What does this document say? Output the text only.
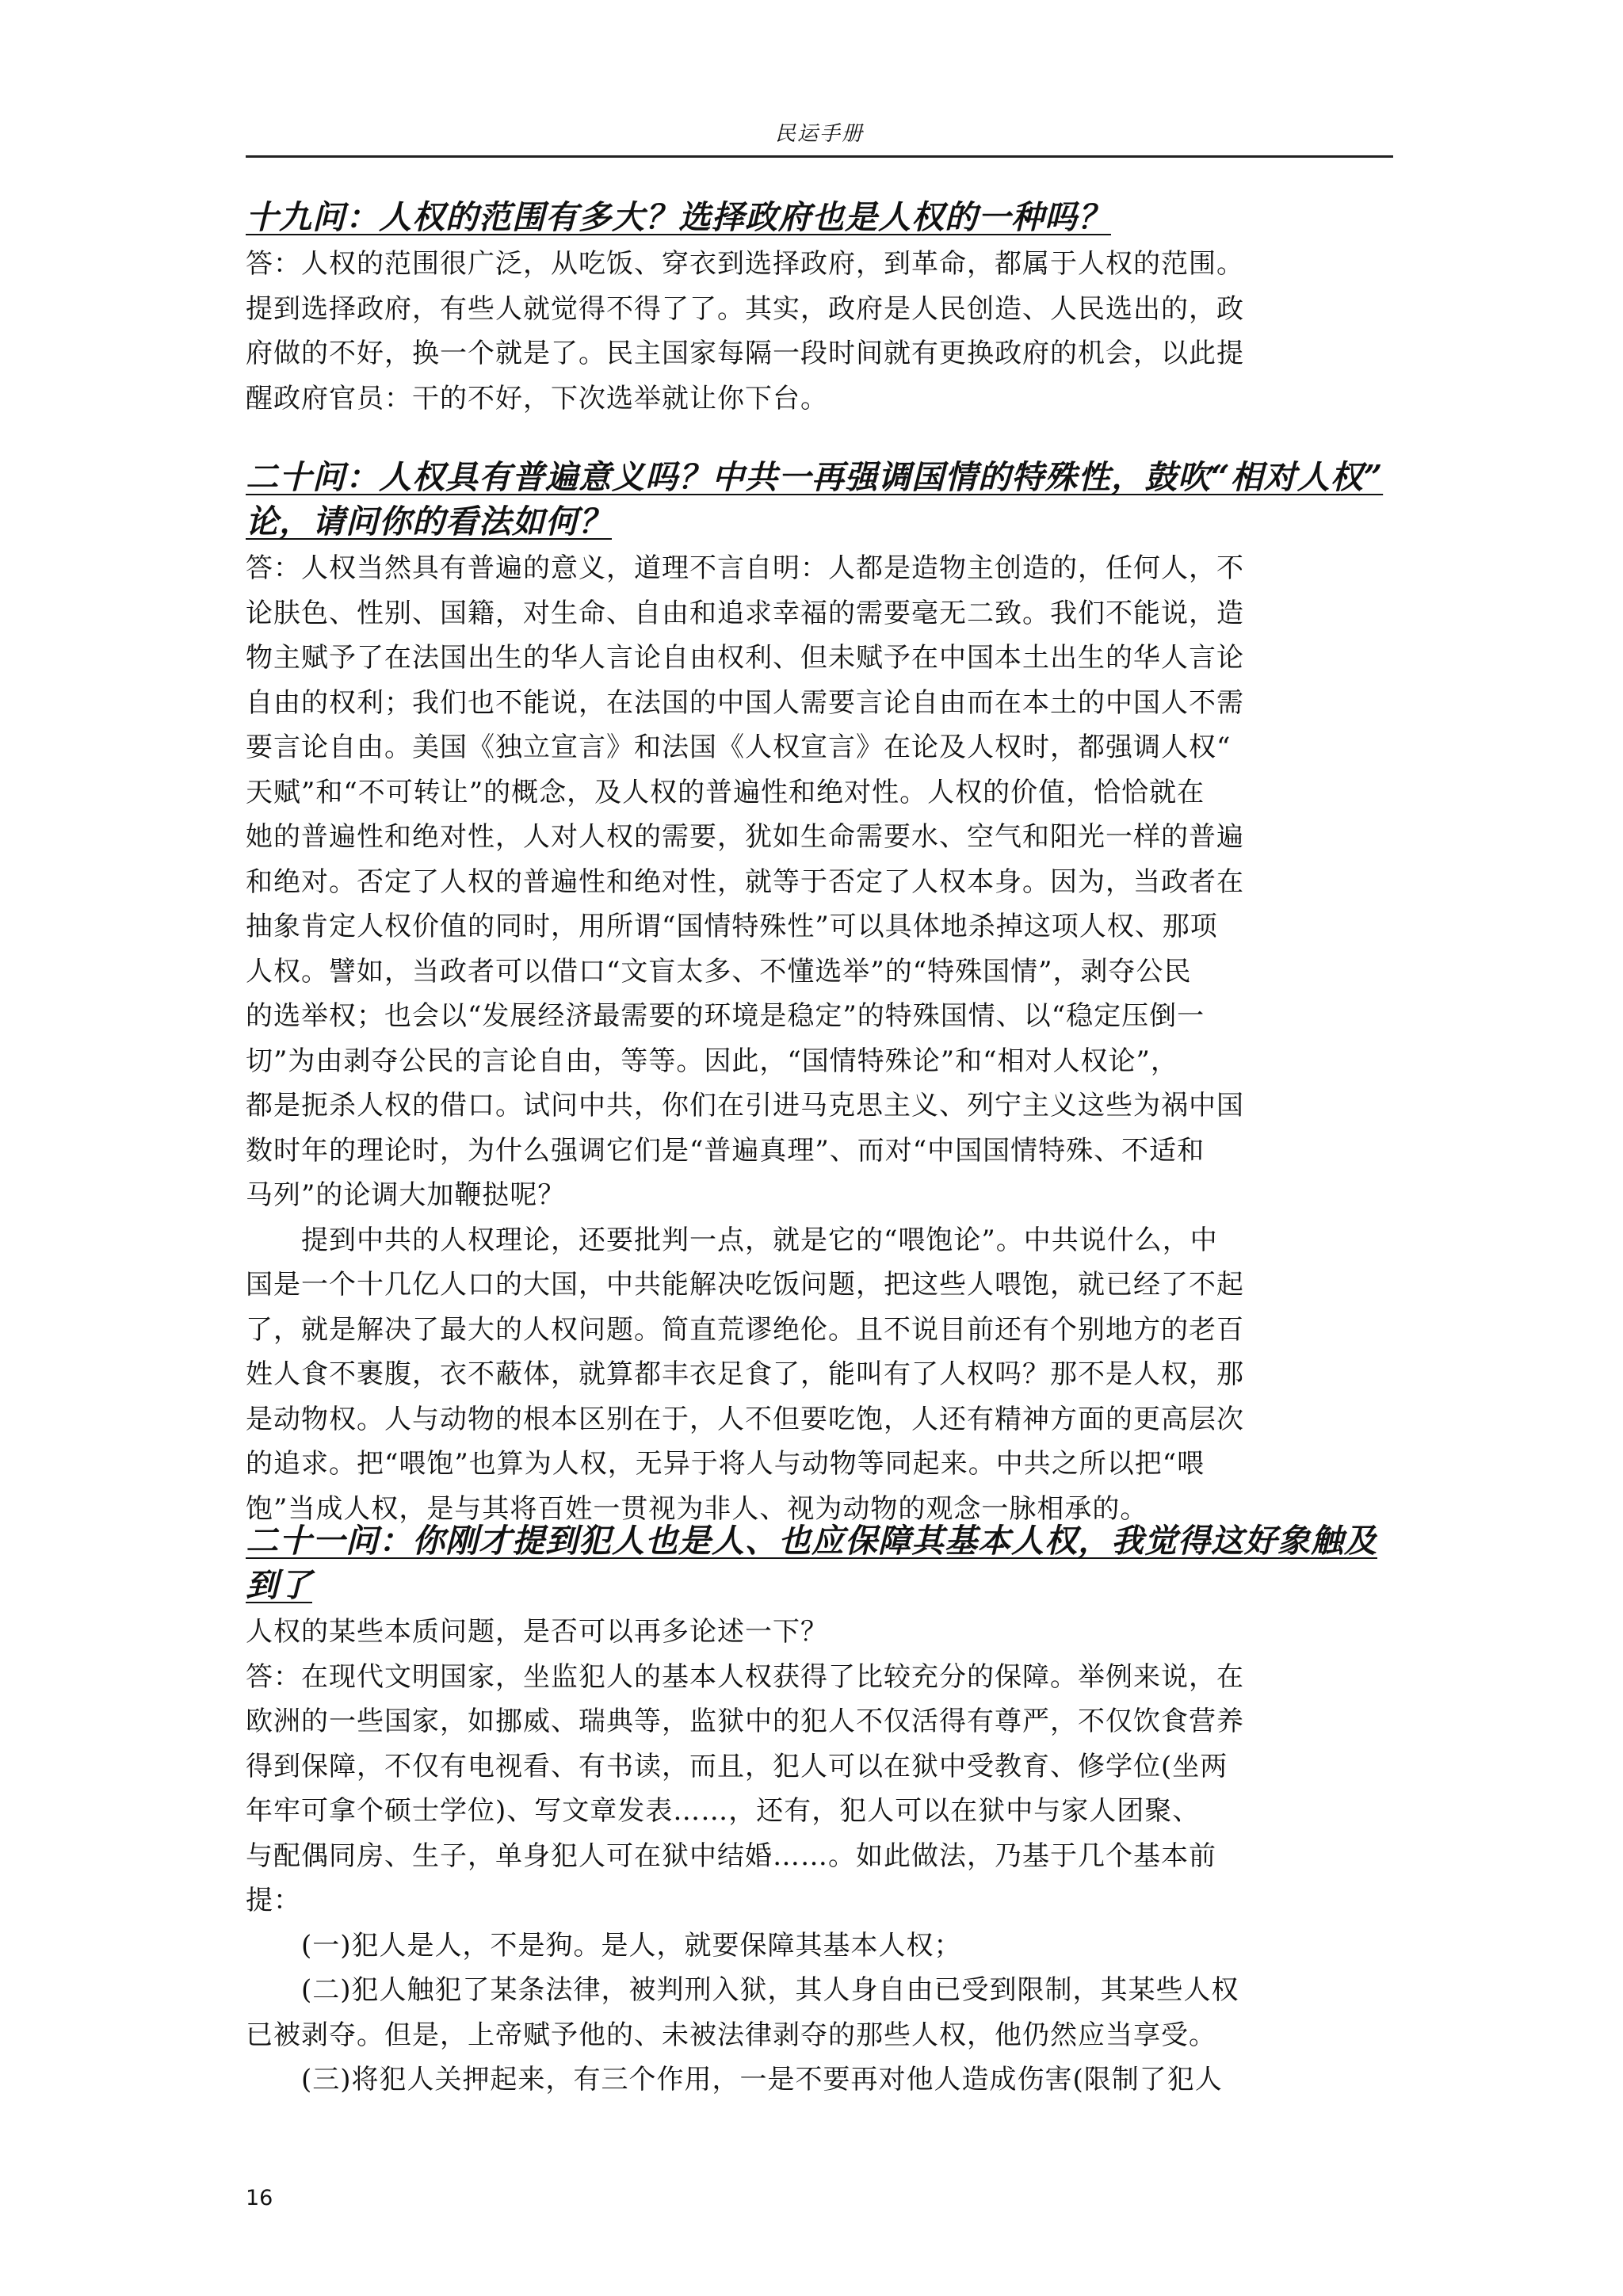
民运手册

十九问：人权的范围有多大？选择政府也是人权的一种吗？

答：人权的范围很广泛，从吃饭、穿衣到选择政府，到革命，都属于人权的范围。

提到选择政府，有些人就觉得不得了了。其实，政府是人民创造、人民选出的，政

府做的不好，换一个就是了。民主国家每隔一段时间就有更换政府的机会，以此提

醒政府官员：干的不好，下次选举就让你下台。

二十问：人权具有普遍意义吗？中共一再强调国情的特殊性，鼓吹“相对人权”

论，请问你的看法如何？

答：人权当然具有普遍的意义，道理不言自明：人都是造物主创造的，任何人，不

论肤色、性别、国籍，对生命、自由和追求幸福的需要毫无二致。我们不能说，造

物主赋予了在法国出生的华人言论自由权利、但未赋予在中国本土出生的华人言论

自由的权利；我们也不能说，在法国的中国人需要言论自由而在本土的中国人不需

要言论自由。美国《独立宣言》和法国《人权宣言》在论及人权时，都强调人权“

天赋”和“不可转让”的概念，及人权的普遍性和绝对性。人权的价值，恰恰就在

她的普遍性和绝对性，人对人权的需要，犹如生命需要水、空气和阳光一样的普遍

和绝对。否定了人权的普遍性和绝对性，就等于否定了人权本身。因为，当政者在

抽象肯定人权价值的同时，用所谓“国情特殊性”可以具体地杀掉这项人权、那项

人权。譬如，当政者可以借口“文盲太多、不懂选举”的“特殊国情”，剥夺公民

的选举权；也会以“发展经济最需要的环境是稳定”的特殊国情、以“稳定压倒一

切”为由剥夺公民的言论自由，等等。因此，“国情特殊论”和“相对人权论”，

都是扼杀人权的借口。试问中共，你们在引进马克思主义、列宁主义这些为祸中国

数时年的理论时，为什么强调它们是“普遍真理”、而对“中国国情特殊、不适和

马列”的论调大加鞭挞呢？

提到中共的人权理论，还要批判一点，就是它的“喂饱论”。中共说什么，中

国是一个十几亿人口的大国，中共能解决吃饭问题，把这些人喂饱，就已经了不起

了，就是解决了最大的人权问题。简直荒谬绝伦。且不说目前还有个别地方的老百

姓人食不裹腹，衣不蔽体，就算都丰衣足食了，能叫有了人权吗？那不是人权，那

是动物权。人与动物的根本区别在于，人不但要吃饱，人还有精神方面的更高层次

的追求。把“喂饱”也算为人权，无异于将人与动物等同起来。中共之所以把“喂

饱”当成人权，是与其将百姓一贯视为非人、视为动物的观念一脉相承的。

二十一问：你刚才提到犯人也是人、也应保障其基本人权，我觉得这好象触及

到了

人权的某些本质问题，是否可以再多论述一下？

答：在现代文明国家，坐监犯人的基本人权获得了比较充分的保障。举例来说，在

欧洲的一些国家，如挪威、瑞典等，监狱中的犯人不仅活得有尊严，不仅饮食营养

得到保障，不仅有电视看、有书读，而且，犯人可以在狱中受教育、修学位(坐两

年牢可拿个硕士学位)、写文章发表……，还有，犯人可以在狱中与家人团聚、

与配偶同房、生子，单身犯人可在狱中结婚……。如此做法，乃基于几个基本前

提：

(一)犯人是人，不是狗。是人，就要保障其基本人权；

(二)犯人触犯了某条法律，被判刑入狱，其人身自由已受到限制，其某些人权

已被剥夺。但是，上帝赋予他的、未被法律剥夺的那些人权，他仍然应当享受。

(三)将犯人关押起来，有三个作用，一是不要再对他人造成伤害(限制了犯人

16
